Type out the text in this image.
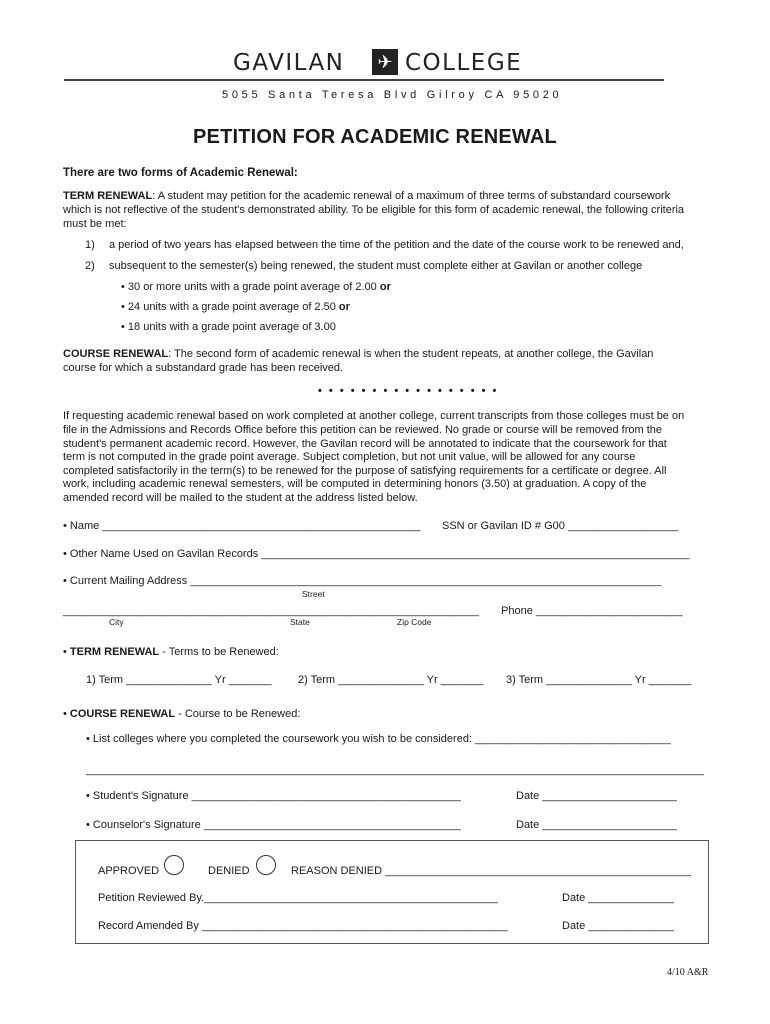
GAVILAN	✈ COLLEGE
5055 Santa Teresa Blvd Gilroy CA 95020
PETITION FOR ACADEMIC RENEWAL
There are two forms of Academic Renewal:
TERM RENEWAL: A student may petition for the academic renewal of a maximum of three terms of substandard coursework
which is not reflective of the student's demonstrated ability. To be eligible for this form of academic renewal, the following criteria
must be met:
1) a period of two years has elapsed between the time of the petition and the date of the course work to be renewed and,
2) subsequent to the semester(s) being renewed, the student must complete either at Gavilan or another college
• 30 or more units with a grade point average of 2.00 or
• 24 units with a grade point average of 2.50 or
• 18 units with a grade point average of 3.00
COURSE RENEWAL: The second form of academic renewal is when the student repeats, at another college, the Gavilan
course for which a substandard grade has been received.
• • • • • • • • • • • • • • • • •
If requesting academic renewal based on work completed at another college, current transcripts from those colleges must be on
file in the Admissions and Records Office before this petition can be reviewed. No grade or course will be removed from the
student's permanent academic record. However, the Gavilan record will be annotated to indicate that the coursework for that
term is not computed in the grade point average. Subject completion, but not unit value, will be allowed for any course
completed satisfactorily in the term(s) to be renewed for the purpose of satisfying requirements for a certificate or degree. All
work, including academic renewal semesters, will be computed in determining honors (3.50) at graduation. A copy of the
amended record will be mailed to the student at the address listed below.
• Name ____________________________________________________ SSN or Gavilan ID # G00 __________________
• Other Name Used on Gavilan Records ______________________________________________________________________
• Current Mailing Address _____________________________________________________________________________
Street
____________________________________________________________________ Phone ________________________
City	State	Zip Code
• TERM RENEWAL - Terms to be Renewed:
1) Term ______________ Yr _______ 2) Term ______________ Yr _______ 3) Term ______________ Yr _______
• COURSE RENEWAL - Course to be Renewed:
• List colleges where you completed the coursework you wish to be considered: ________________________________
_____________________________________________________________________________________________________
• Student's Signature ____________________________________________	Date ______________________
• Counselor's Signature __________________________________________	Date ______________________
APPROVED	DENIED	REASON DENIED __________________________________________________
Petition Reviewed By.________________________________________________	Date ______________
Record Amended By __________________________________________________	Date ______________
4/10 A&R
